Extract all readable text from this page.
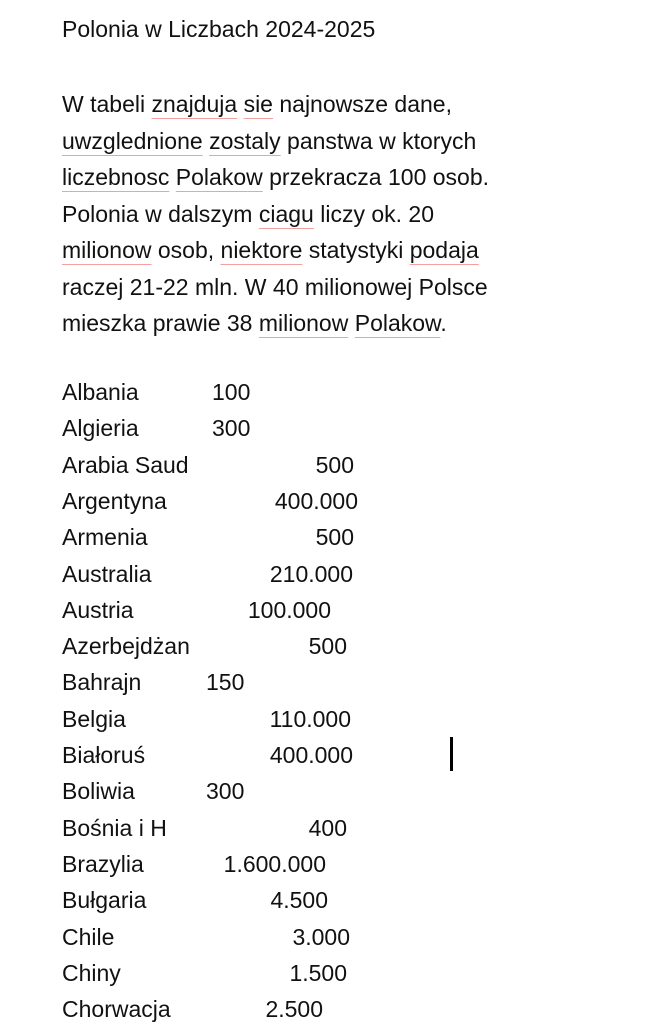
Polonia w Liczbach 2024-2025
W tabeli znajduja sie najnowsze dane,
uwzglednione zostaly panstwa w ktorych
liczebnosc Polakow przekracza 100 osob.
Polonia w dalszym ciagu liczy ok. 20
milionow osob, niektore statystyki podaja
raczej 21-22 mln. W 40 milionowej Polsce
mieszka prawie 38 milionow Polakow.
Albania	100
Algieria	300
Arabia Saud	500
Argentyna	400.000
Armenia	500
Australia	210.000
Austria	100.000
Azerbejdżan	500
Bahrajn	150
Belgia	110.000
Białoruś	400.000
Boliwia	300
Bośnia i H	400
Brazylia	1.600.000
Bułgaria	4.500
Chile	3.000
Chiny	1.500
Chorwacja	2.500
